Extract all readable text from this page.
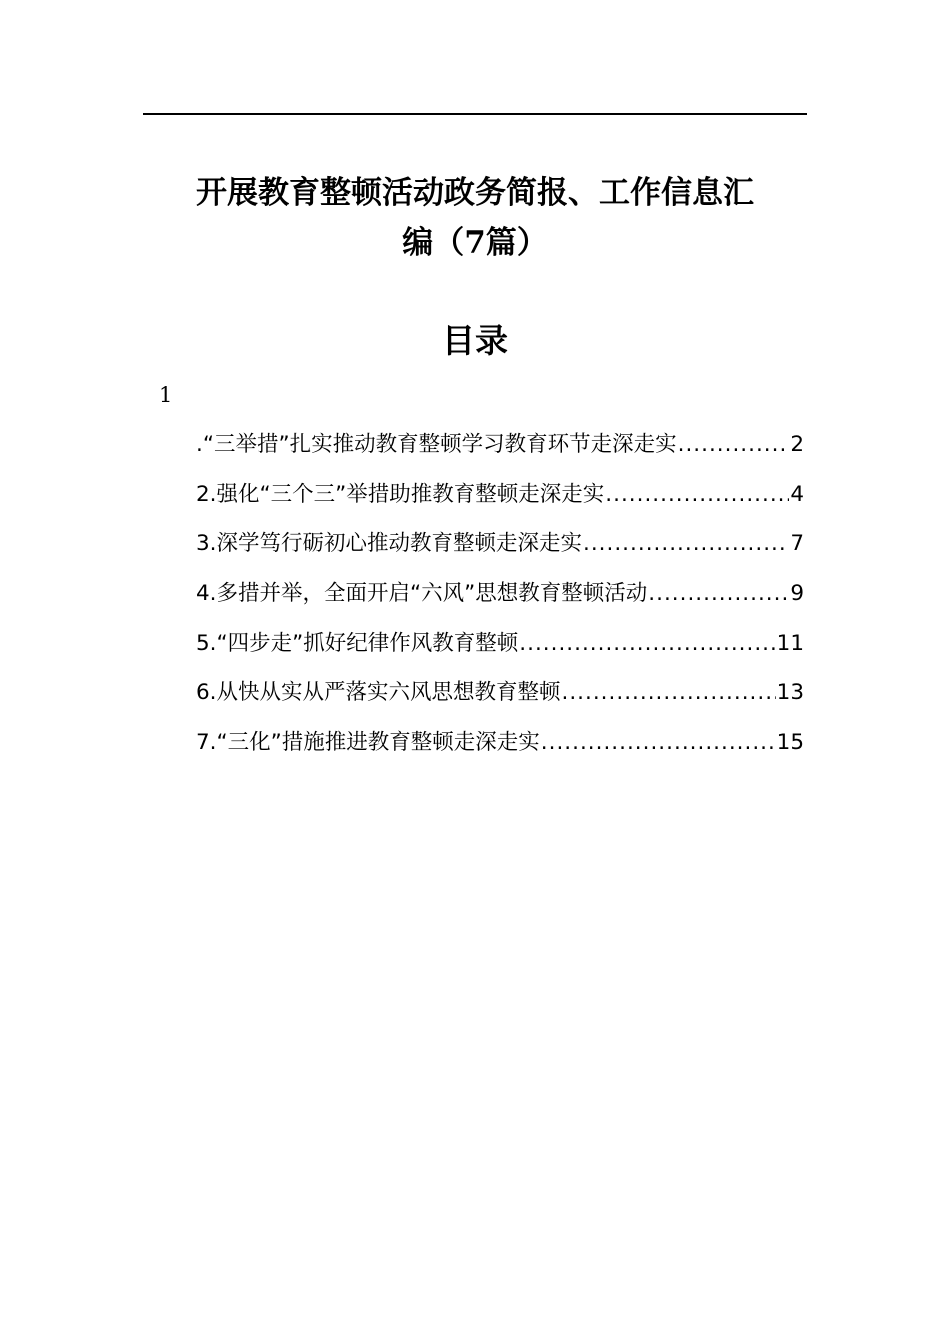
开展教育整顿活动政务简报、工作信息汇
编（7篇）
目录
1
.“三举措”扎实推动教育整顿学习教育环节走深走实 .....	2
2.强化“三个三”举措助推教育整顿走深走实 .....	4
3.深学笃行砺初心推动教育整顿走深走实 .....	7
4.多措并举，全面开启“六风”思想教育整顿活动 .....	9
5.“四步走”抓好纪律作风教育整顿 .....	11
6.从快从实从严落实六风思想教育整顿 .....	13
7.“三化”措施推进教育整顿走深走实 .....	15
